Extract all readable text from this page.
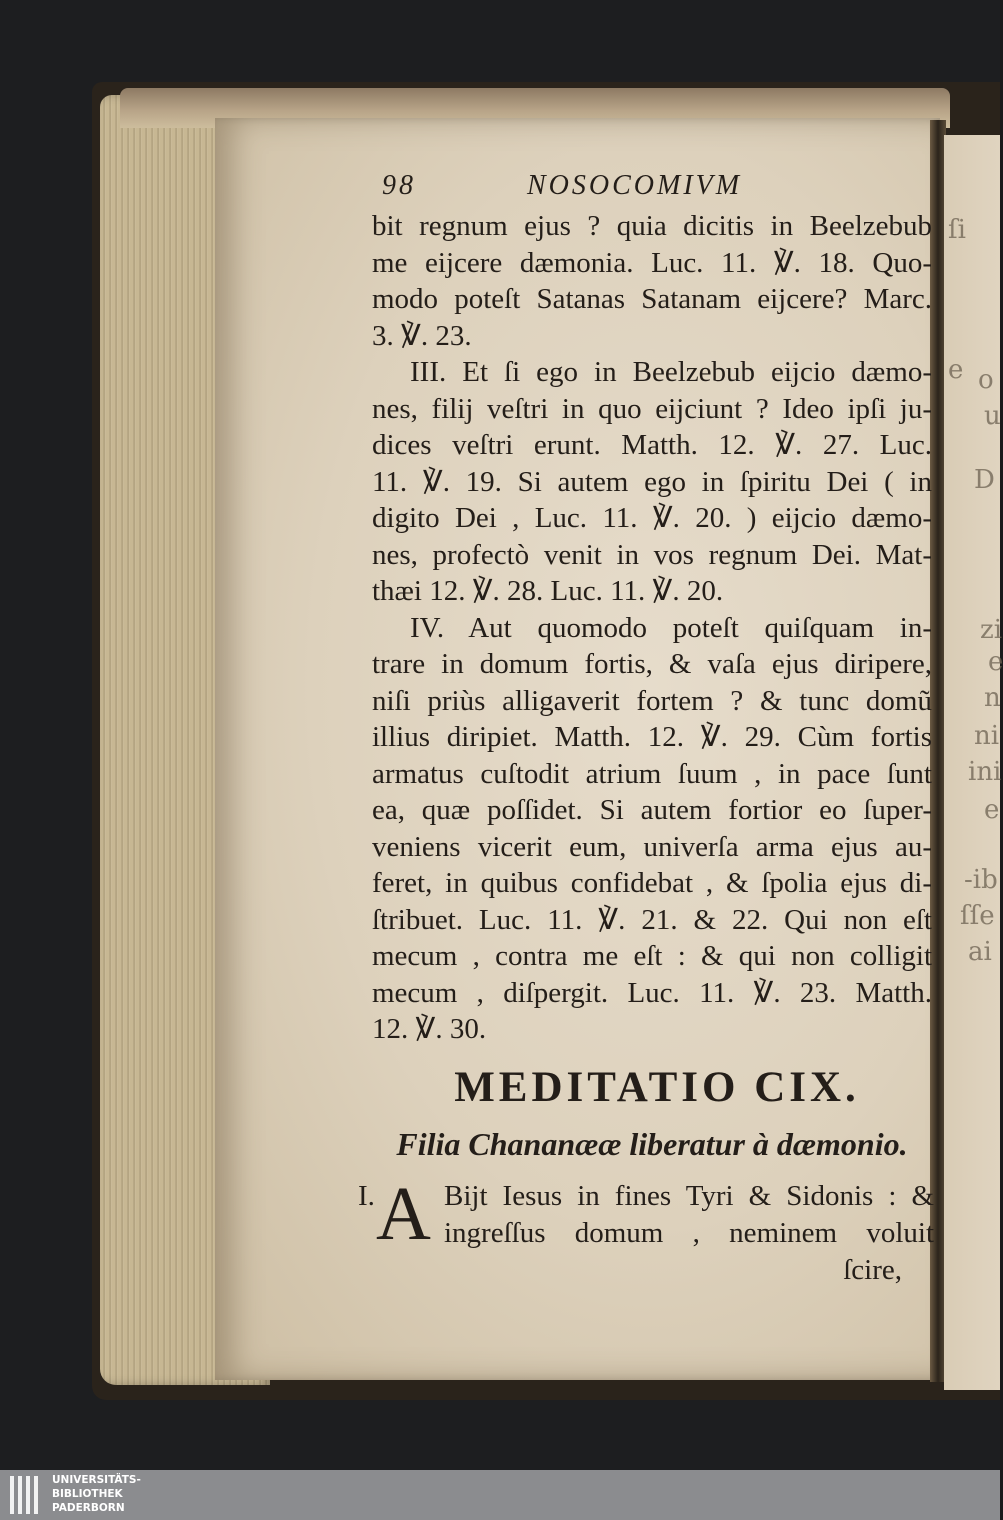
ſi
e o
u
D
zi
e
n
ni
ini
e
-ib
ſſe
ai
98	NOSOCOMIVM
bit regnum ejus ? quia dicitis in Beelzebub
me eijcere dæmonia. Luc. 11. ℣. 18. Quo-
modo poteſt Satanas Satanam eijcere? Marc.
3. ℣. 23.
III. Et ſi ego in Beelzebub eijcio dæmo-
nes, filij veſtri in quo eijciunt ? Ideo ipſi ju-
dices veſtri erunt. Matth. 12. ℣. 27. Luc.
11. ℣. 19. Si autem ego in ſpiritu Dei ( in
digito Dei , Luc. 11. ℣. 20. ) eijcio dæmo-
nes, profectò venit in vos regnum Dei. Mat-
thæi 12. ℣. 28. Luc. 11. ℣. 20.
IV. Aut quomodo poteſt quiſquam in-
trare in domum fortis, & vaſa ejus diripere,
niſi priùs alligaverit fortem ? & tunc domũ
illius diripiet. Matth. 12. ℣. 29. Cùm fortis
armatus cuſtodit atrium ſuum , in pace ſunt
ea, quæ poſſidet. Si autem fortior eo ſuper-
veniens vicerit eum, univerſa arma ejus au-
feret, in quibus confidebat , & ſpolia ejus di-
ſtribuet. Luc. 11. ℣. 21. & 22. Qui non eſt
mecum , contra me eſt : & qui non colligit
mecum , diſpergit. Luc. 11. ℣. 23. Matth.
12. ℣. 30.
MEDITATIO CIX.
Filia Chananææ liberatur à dæmonio.
I. A Bijt Iesus in fines Tyri & Sidonis : &
ingreſſus domum , neminem voluit
ſcire,
UNIVERSITÄTS-
BIBLIOTHEK
PADERBORN
